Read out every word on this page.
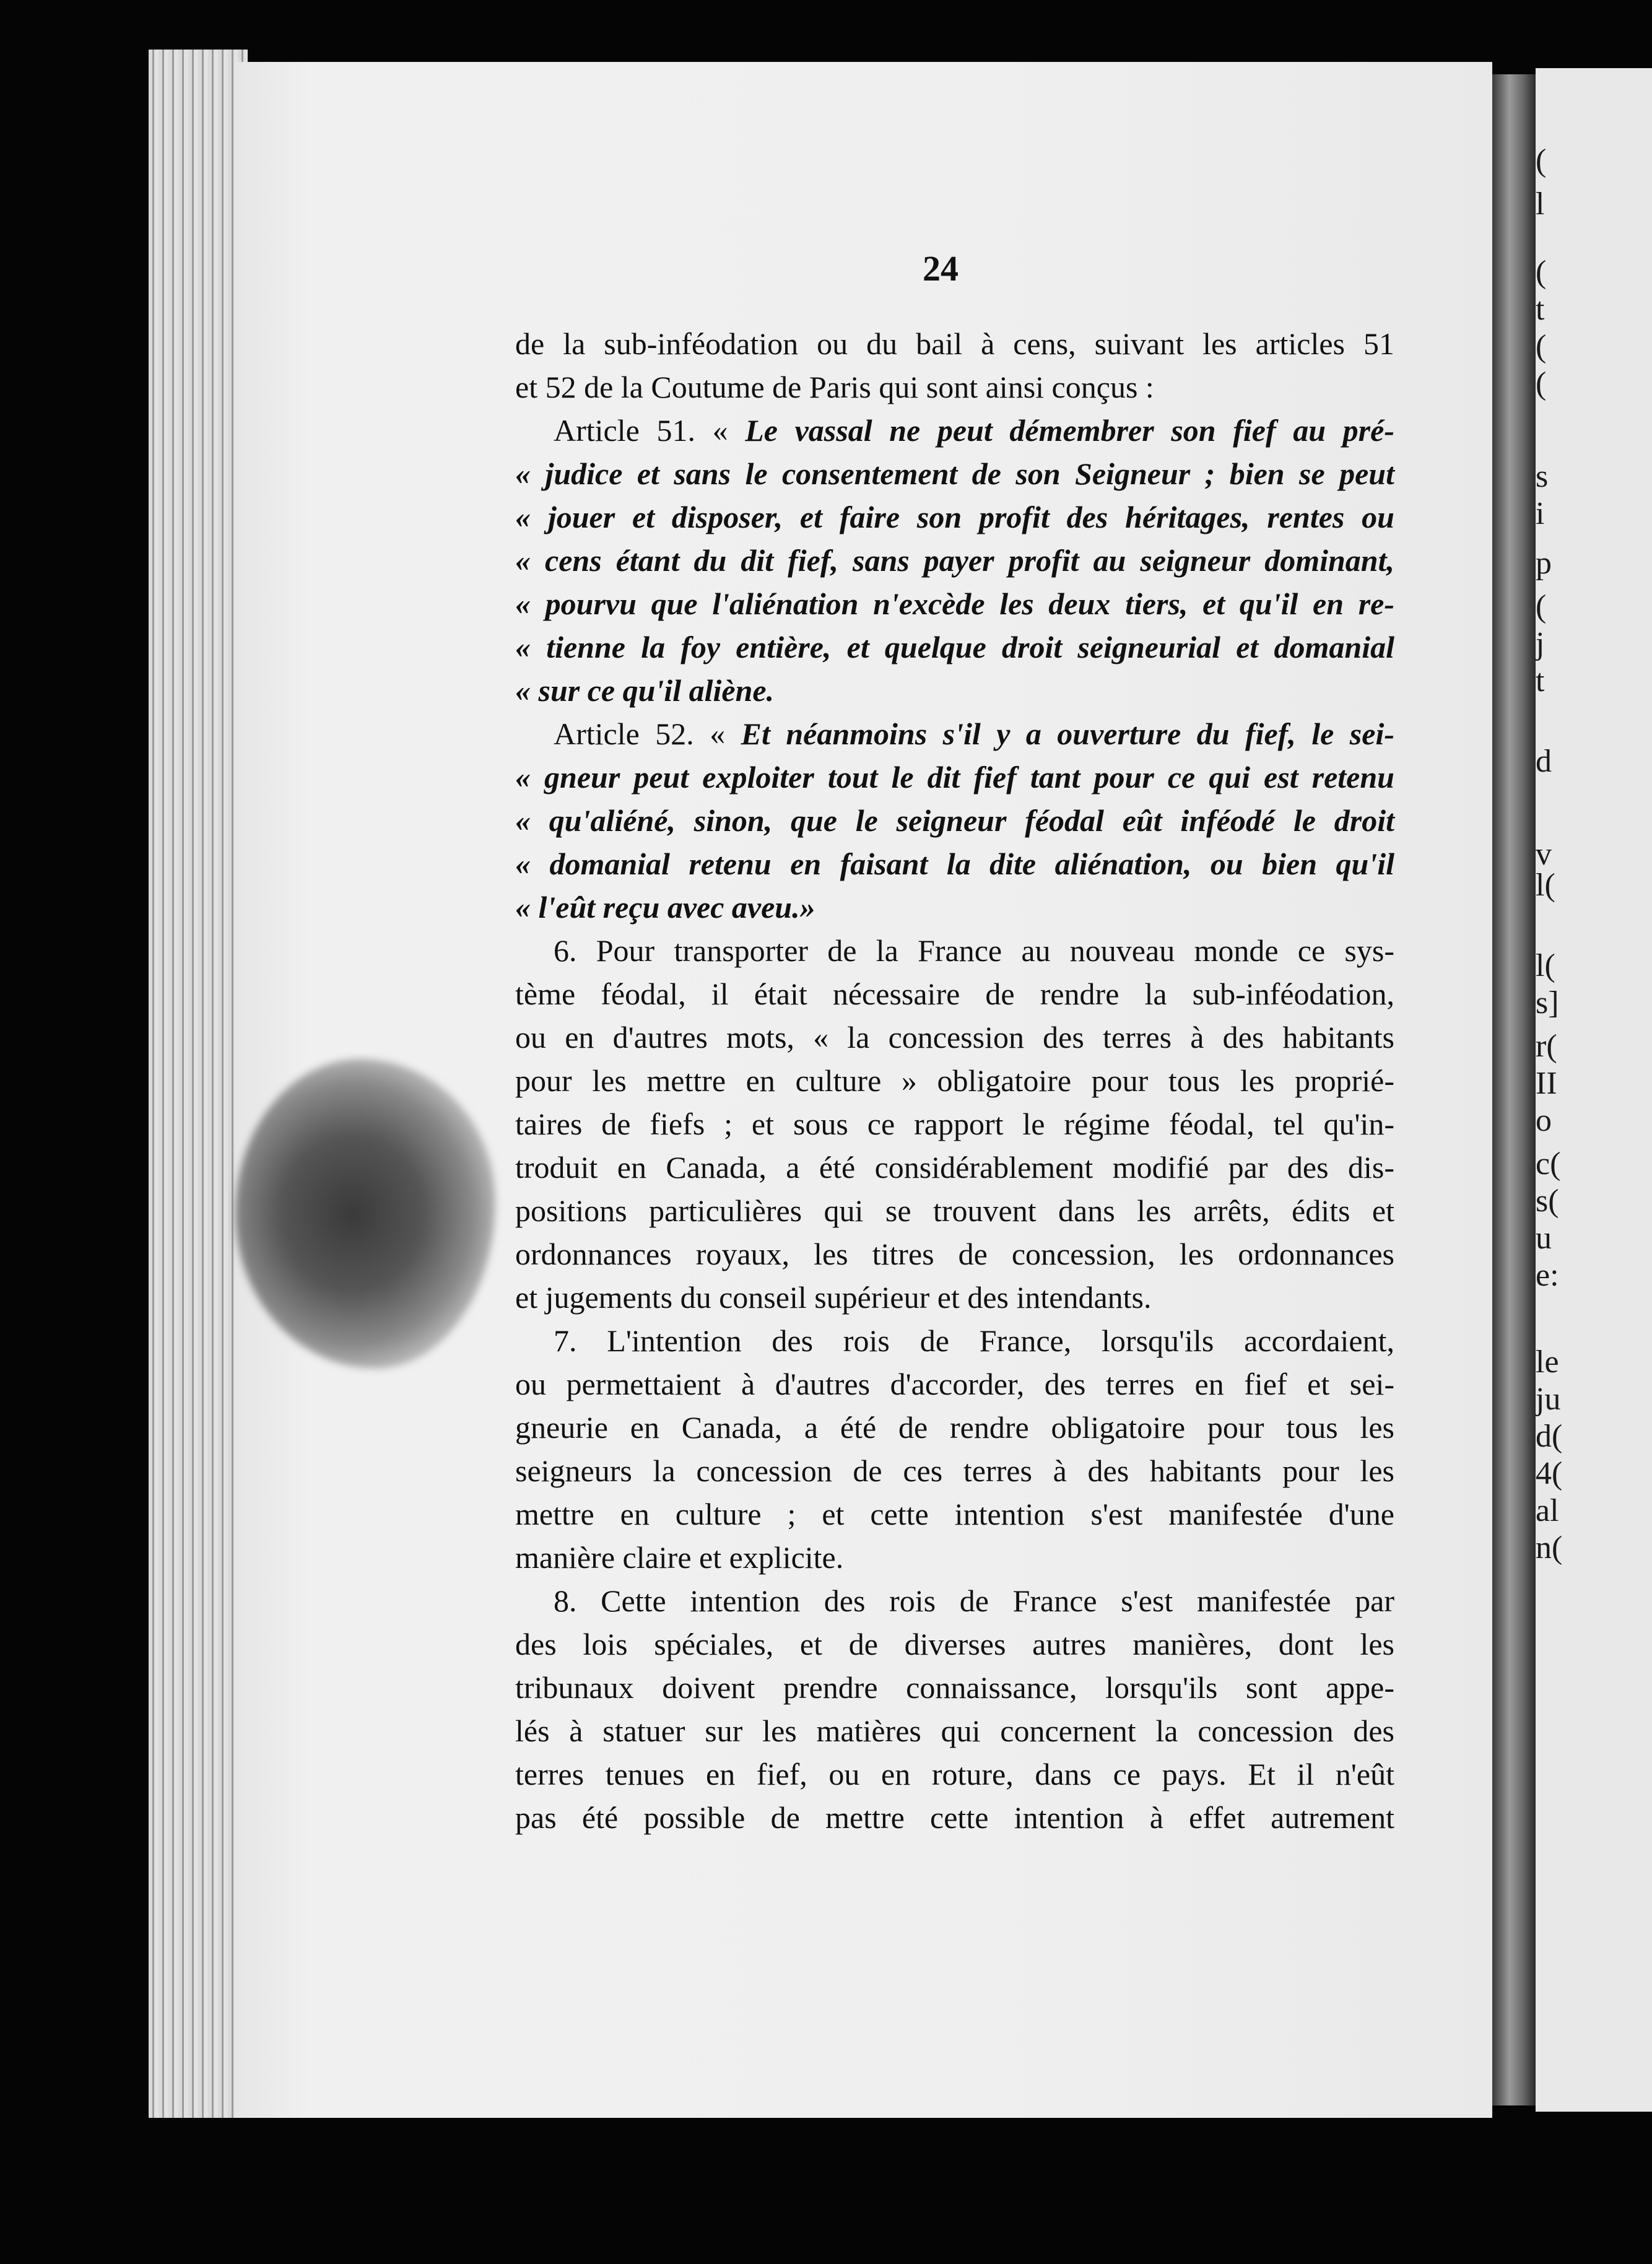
(

l

(

t

(

(

s

i

p

(

j

t

d

v

l(

l(

s]

r(

II

o

c(

s(

u

e:

le

ju

d(

4(

al

n(

24

de la sub-inféodation ou du bail à cens, suivant les articles 51
et 52 de la Coutume de Paris qui sont ainsi conçus :
Article 51. « Le vassal ne peut démembrer son fief au pré-
« judice et sans le consentement de son Seigneur ; bien se peut
« jouer et disposer, et faire son profit des héritages, rentes ou
« cens étant du dit fief, sans payer profit au seigneur dominant,
« pourvu que l'aliénation n'excède les deux tiers, et qu'il en re-
« tienne la foy entière, et quelque droit seigneurial et domanial
« sur ce qu'il aliène.
Article 52. « Et néanmoins s'il y a ouverture du fief, le sei-
« gneur peut exploiter tout le dit fief tant pour ce qui est retenu
« qu'aliéné, sinon, que le seigneur féodal eût inféodé le droit
« domanial retenu en faisant la dite aliénation, ou bien qu'il
« l'eût reçu avec aveu.»
6. Pour transporter de la France au nouveau monde ce sys-
tème féodal, il était nécessaire de rendre la sub-inféodation,
ou en d'autres mots, « la concession des terres à des habitants
pour les mettre en culture » obligatoire pour tous les proprié-
taires de fiefs ; et sous ce rapport le régime féodal, tel qu'in-
troduit en Canada, a été considérablement modifié par des dis-
positions particulières qui se trouvent dans les arrêts, édits et
ordonnances royaux, les titres de concession, les ordonnances
et jugements du conseil supérieur et des intendants.
7. L'intention des rois de France, lorsqu'ils accordaient,
ou permettaient à d'autres d'accorder, des terres en fief et sei-
gneurie en Canada, a été de rendre obligatoire pour tous les
seigneurs la concession de ces terres à des habitants pour les
mettre en culture ; et cette intention s'est manifestée d'une
manière claire et explicite.
8. Cette intention des rois de France s'est manifestée par
des lois spéciales, et de diverses autres manières, dont les
tribunaux doivent prendre connaissance, lorsqu'ils sont appe-
lés à statuer sur les matières qui concernent la concession des
terres tenues en fief, ou en roture, dans ce pays. Et il n'eût
pas été possible de mettre cette intention à effet autrement
